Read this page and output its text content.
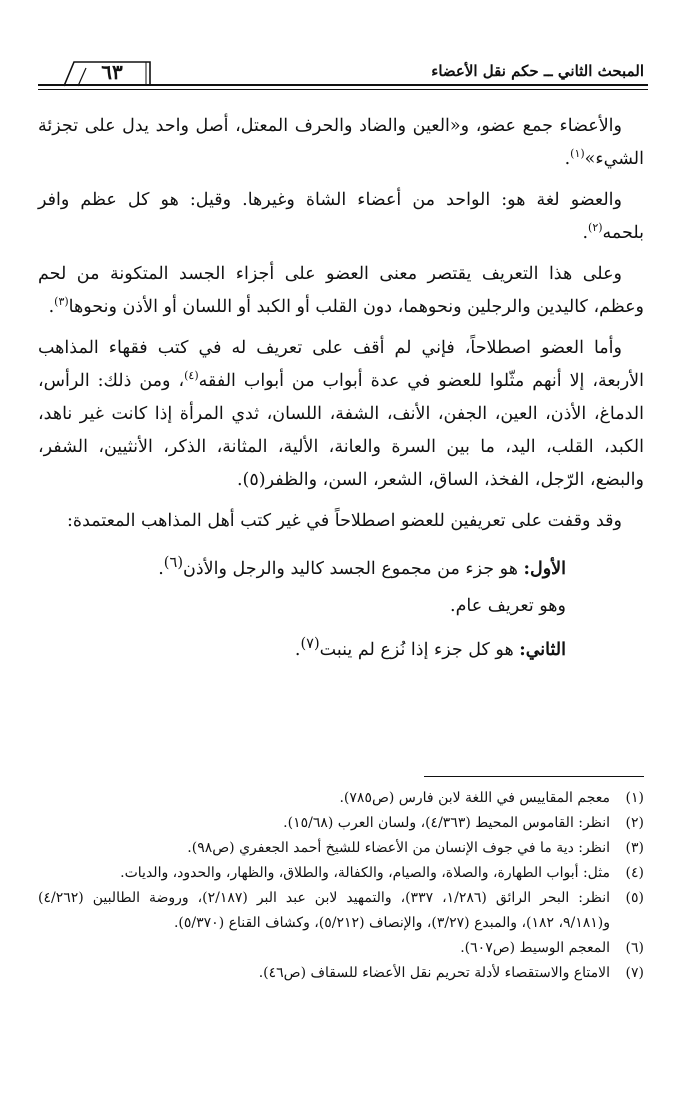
المبحث الثاني ــ حكم نقل الأعضاء
٦٣

والأعضاء جمع عضو، و«العين والضاد والحرف المعتل، أصل واحد يدل على تجزئة الشيء»$^{(١)}$.

والعضو لغة هو: الواحد من أعضاء الشاة وغيرها. وقيل: هو كل عظم وافر بلحمه$^{(٢)}$.

وعلى هذا التعريف يقتصر معنى العضو على أجزاء الجسد المتكونة من لحم وعظم، كاليدين والرجلين ونحوهما، دون القلب أو الكبد أو اللسان أو الأذن ونحوها$^{(٣)}$.

وأما العضو اصطلاحاً، فإني لم أقف على تعريف له في كتب فقهاء المذاهب الأربعة، إلا أنهم مثّلوا للعضو في عدة أبواب من أبواب الفقه$^{(٤)}$، ومن ذلك: الرأس، الدماغ، الأذن، العين، الجفن، الأنف، الشفة، اللسان، ثدي المرأة إذا كانت غير ناهد، الكبد، القلب، اليد، ما بين السرة والعانة، الألية، المثانة، الذكر، الأنثيين، الشفر، والبضع، الرّجل، الفخذ، الساق، الشعر، السن، والظفر(٥).

وقد وقفت على تعريفين للعضو اصطلاحاً في غير كتب أهل المذاهب المعتمدة:

الأول: هو جزء من مجموع الجسد كاليد والرجل والأذن$^{(٦)}$.

وهو تعريف عام.

الثاني: هو كل جزء إذا نُزع لم ينبت$^{(٧)}$.

(١)
معجم المقاييس في اللغة لابن فارس (ص٧٨٥).
(٢)
انظر: القاموس المحيط (٤/٣٦٣)، ولسان العرب (١٥/٦٨).
(٣)
انظر: دية ما في جوف الإنسان من الأعضاء للشيخ أحمد الجعفري (ص٩٨).
(٤)
مثل: أبواب الطهارة، والصلاة، والصيام، والكفالة، والطلاق، والظهار، والحدود، والديات.
(٥)
انظر: البحر الرائق (١/٢٨٦، ٣٣٧)، والتمهيد لابن عبد البر (٢/١٨٧)، وروضة الطالبين (٤/٢٦٢) و(٩/١٨١، ١٨٢)، والمبدع (٣/٢٧)، والإنصاف (٥/٢١٢)، وكشاف القناع (٥/٣٧٠).
(٦)
المعجم الوسيط (ص٦٠٧).
(٧)
الامتاع والاستقصاء لأدلة تحريم نقل الأعضاء للسقاف (ص٤٦).
